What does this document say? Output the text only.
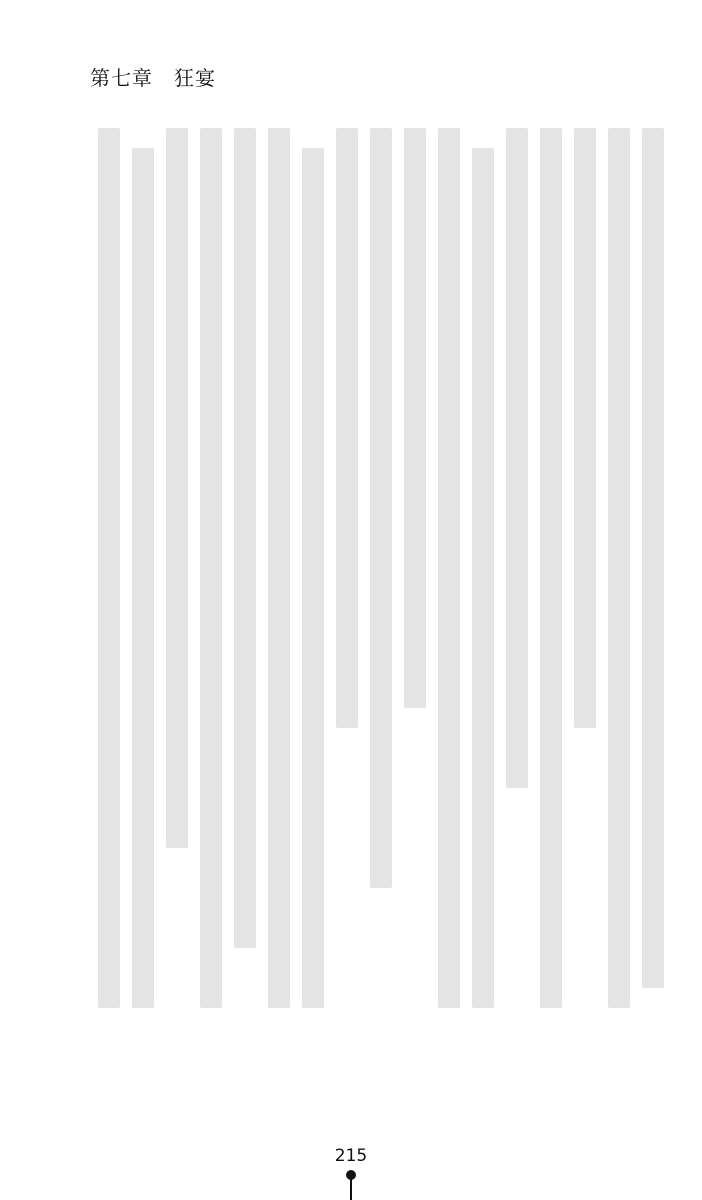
第七章　狂宴
215
